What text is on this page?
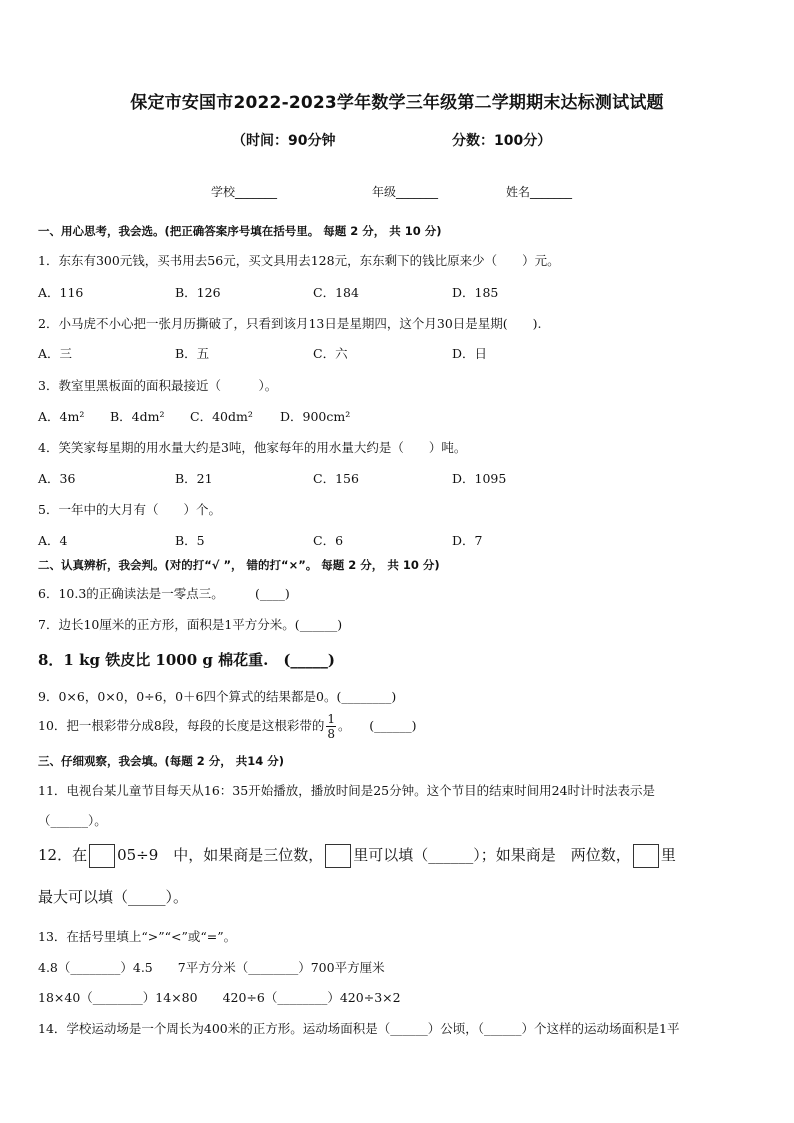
保定市安国市2022-2023学年数学三年级第二学期期末达标测试试题
（时间：90分钟	分数：100分）
学校_______	年级_______	姓名_______
一、用心思考，我会选。(把正确答案序号填在括号里。 每题 2 分， 共 10 分)
1．东东有300元钱，买书用去56元，买文具用去128元，东东剩下的钱比原来少（　　）元。
A．116	B．126	C．184	D．185
2．小马虎不小心把一张月历撕破了，只看到该月13日是星期四，这个月30日是星期(　　).
A．三	B．五	C．六	D．日
3．教室里黑板面的面积最接近（　　　）。
A．4m² B．4dm² C．40dm² D．900cm²
4．笑笑家每星期的用水量大约是3吨，他家每年的用水量大约是（　　）吨。
A．36	B．21	C．156	D．1095
5．一年中的大月有（　　）个。
A．4	B．5	C．6	D．7
二、认真辨析，我会判。(对的打“√ ”， 错的打“×”。 每题 2 分， 共 10 分)
6．10.3的正确读法是一零点三。　　　(____)
7．边长10厘米的正方形，面积是1平方分米。(______)
8．1 kg 铁皮比 1000 g 棉花重.　(_____)
9．0×6，0×0，0÷6，0＋6四个算式的结果都是0。(________)
10．把一根彩带分成8段，每段的长度是这根彩带的 $\frac{1}{8}$ 。　　(______)
三、仔细观察，我会填。(每题 2 分， 共14 分)
11．电视台某儿童节目每天从16：35开始播放，播放时间是25分钟。这个节目的结束时间用24时计时法表示是
（______）。
12．在 05÷9　中，如果商是三位数， 里可以填（______）；如果商是　两位数， 里
最大可以填（_____）。
13．在括号里填上“>”“<”或“=”。
4.8（________）4.5　　7平方分米（________）700平方厘米
18×40（________）14×80　　420÷6（________）420÷3×2
14．学校运动场是一个周长为400米的正方形。运动场面积是（______）公顷，（______）个这样的运动场面积是1平
